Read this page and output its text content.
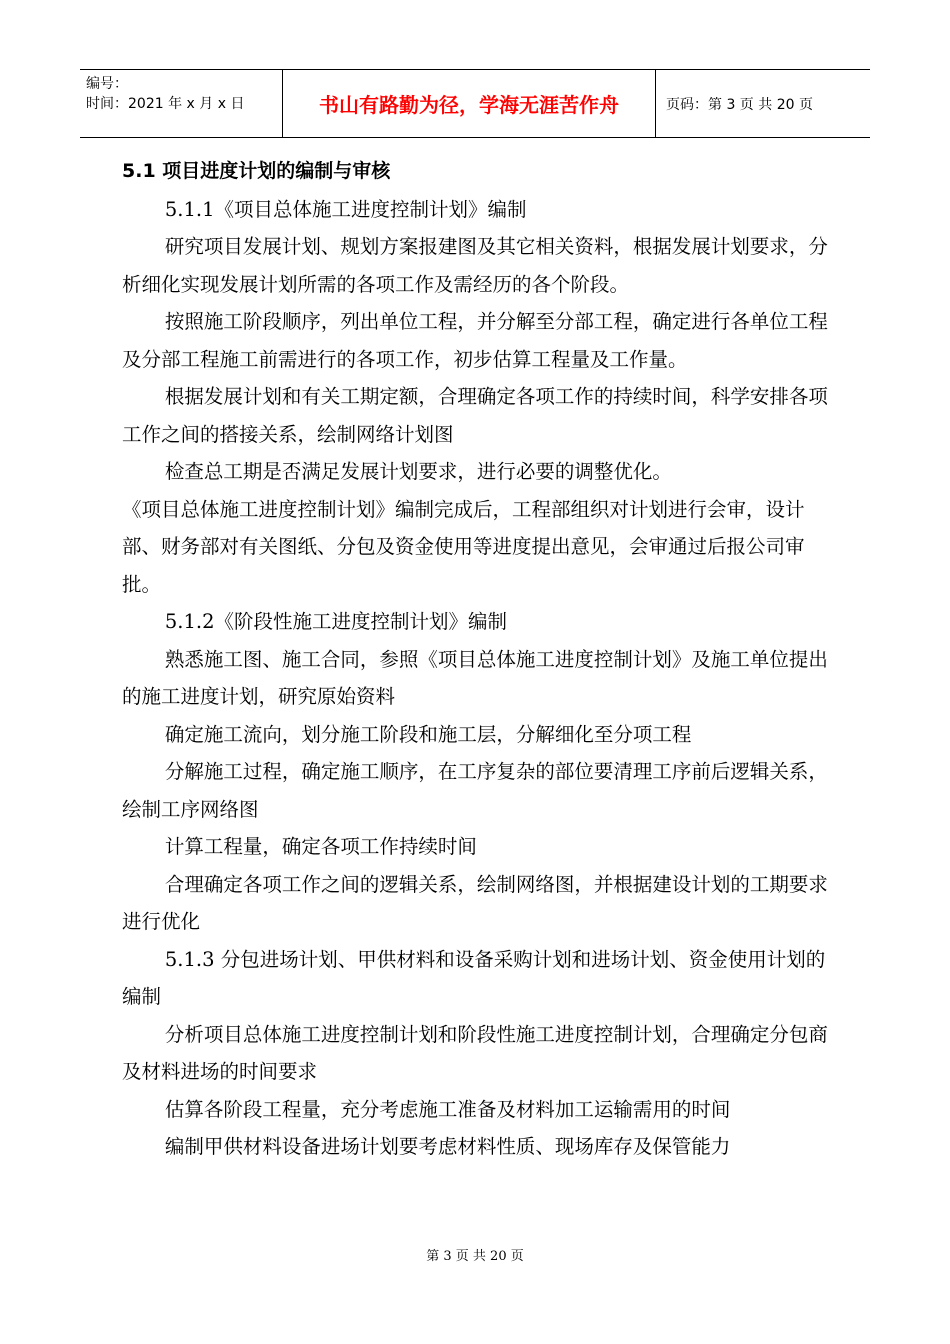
编号：
时间：2021 年 x 月 x 日	书山有路勤为径，学海无涯苦作舟	页码：第 3 页 共 20 页

5.1 项目进度计划的编制与审核

5.1.1《项目总体施工进度控制计划》编制

研究项目发展计划、规划方案报建图及其它相关资料，根据发展计划要求，分析细化实现发展计划所需的各项工作及需经历的各个阶段。

按照施工阶段顺序，列出单位工程，并分解至分部工程，确定进行各单位工程及分部工程施工前需进行的各项工作，初步估算工程量及工作量。

根据发展计划和有关工期定额，合理确定各项工作的持续时间，科学安排各项工作之间的搭接关系，绘制网络计划图

检查总工期是否满足发展计划要求，进行必要的调整优化。

《项目总体施工进度控制计划》编制完成后，工程部组织对计划进行会审，设计部、财务部对有关图纸、分包及资金使用等进度提出意见，会审通过后报公司审批。

5.1.2《阶段性施工进度控制计划》编制

熟悉施工图、施工合同，参照《项目总体施工进度控制计划》及施工单位提出的施工进度计划，研究原始资料

确定施工流向，划分施工阶段和施工层，分解细化至分项工程

分解施工过程，确定施工顺序，在工序复杂的部位要清理工序前后逻辑关系，绘制工序网络图

计算工程量，确定各项工作持续时间

合理确定各项工作之间的逻辑关系，绘制网络图，并根据建设计划的工期要求进行优化

5.1.3 分包进场计划、甲供材料和设备采购计划和进场计划、资金使用计划的编制

分析项目总体施工进度控制计划和阶段性施工进度控制计划，合理确定分包商及材料进场的时间要求

估算各阶段工程量，充分考虑施工准备及材料加工运输需用的时间

编制甲供材料设备进场计划要考虑材料性质、现场库存及保管能力

第 3 页 共 20 页
